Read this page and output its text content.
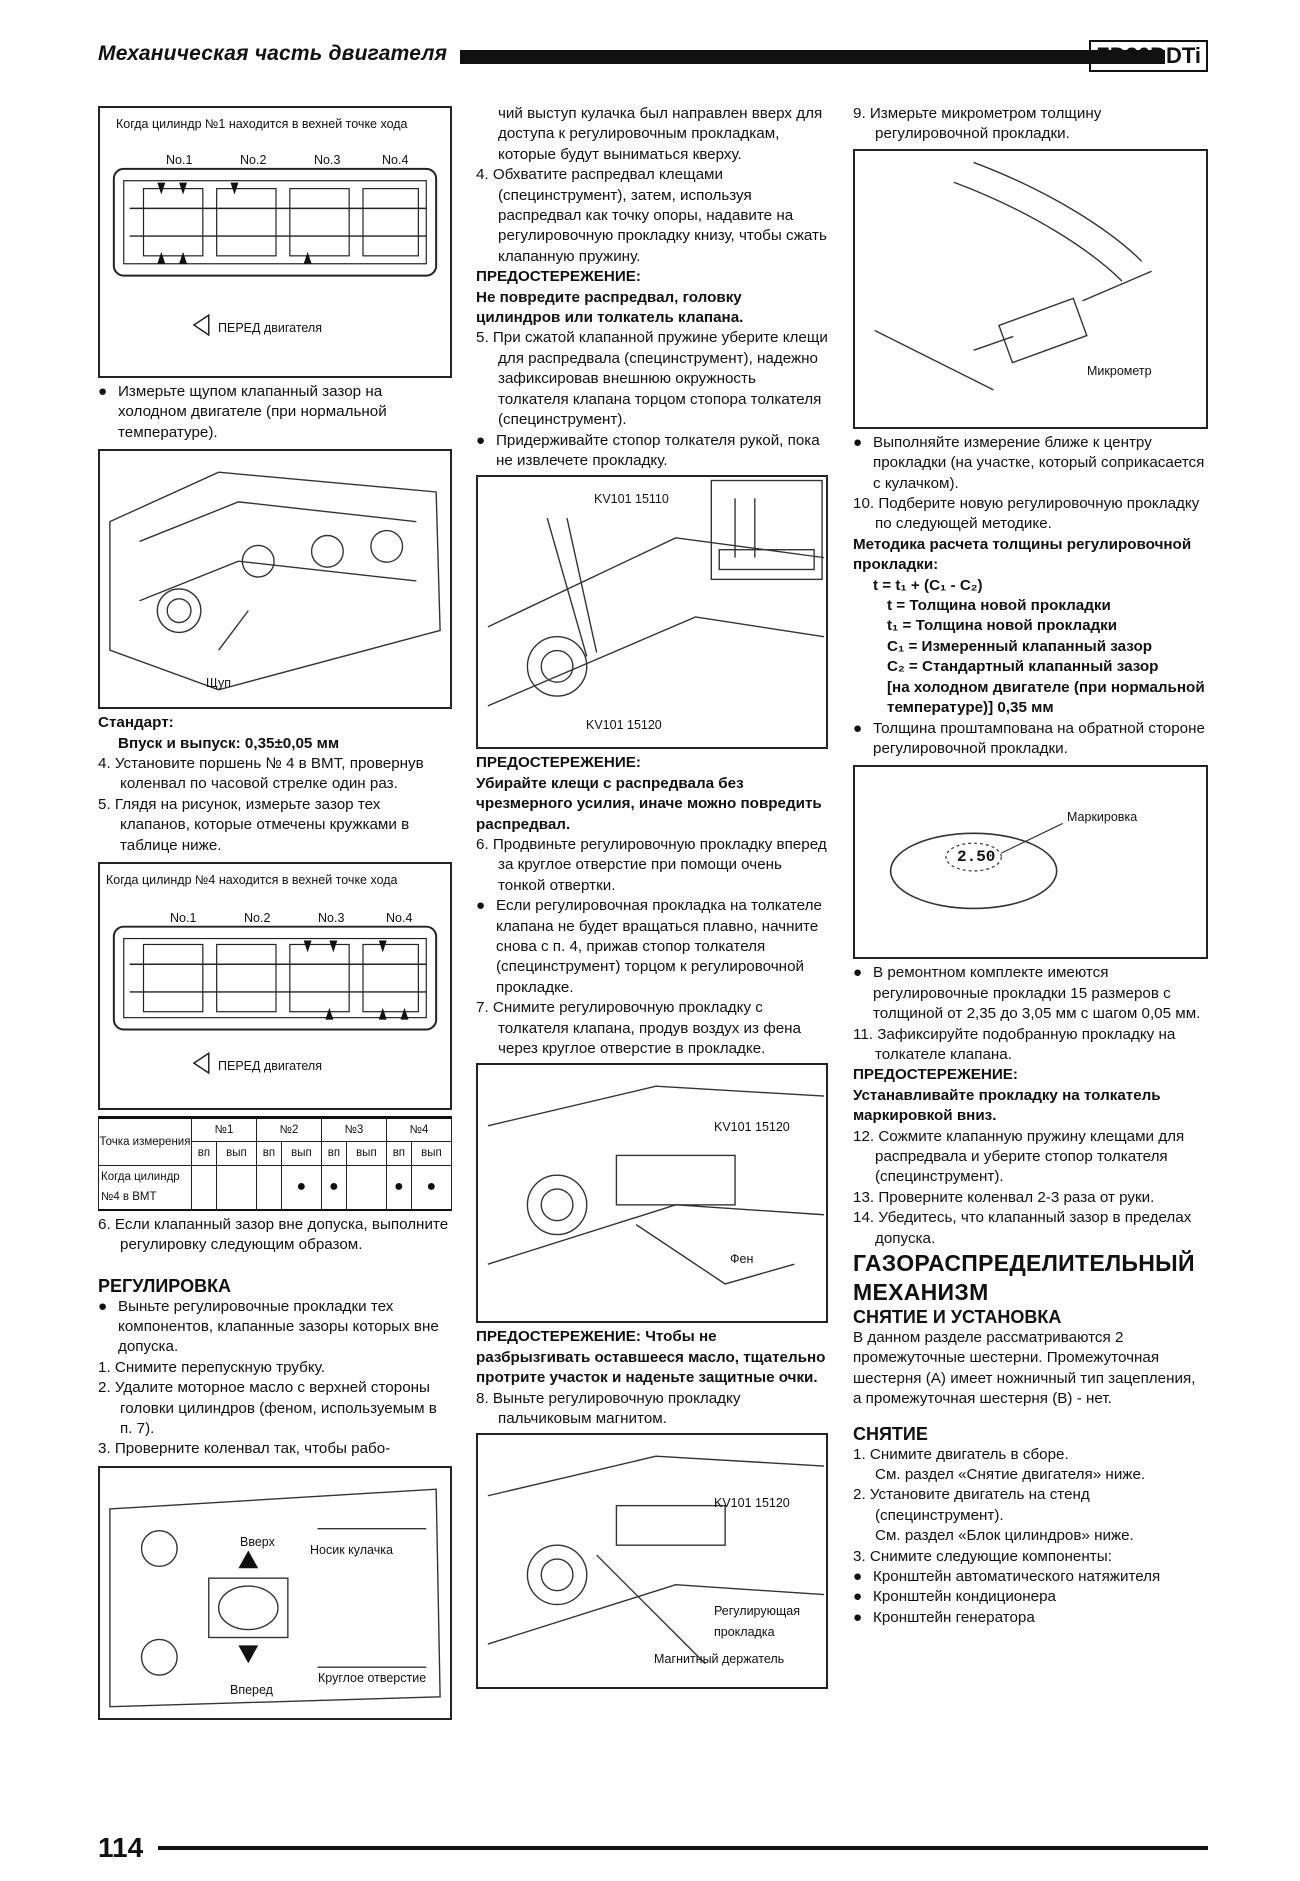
Механическая часть двигателя	ZD30DDTi
Когда цилиндр №1 находится в вехней точке хода
No.1	No.2	No.3	No.4
ПЕРЕД двигателя

● Измерьте щупом клапанный зазор на холодном двигателе (при нормальной температуре).

Щуп

Стандарт:

Впуск и выпуск: 0,35±0,05 мм

4. Установите поршень № 4 в ВМТ, провернув коленвал по часовой стрелке один раз.

5. Глядя на рисунок, измерьте зазор тех клапанов, которые отмечены кружками в таблице ниже.

Когда цилиндр №4 находится в вехней точке хода
No.1	No.2	No.3	No.4
ПЕРЕД двигателя
Точка измерения	№1		№2		№3		№4	
	вп	вып	вп	вып	вп	вып	вп	вып
Когда цилиндр №4 в ВМТ				●	●		●	●

6. Если клапанный зазор вне допуска, выполните регулировку следующим образом.

РЕГУЛИРОВКА

● Выньте регулировочные прокладки тех компонентов, клапанные зазоры которых вне допуска.

1. Снимите перепускную трубку.

2. Удалите моторное масло с верхней стороны головки цилиндров (феном, используемым в п. 7).

3. Проверните коленвал так, чтобы рабо-

Вверх
Носик кулачка
Вперед
Круглое отверстие

чий выступ кулачка был направлен вверх для доступа к регулировочным прокладкам, которые будут выниматься кверху.

4. Обхватите распредвал клещами (специнструмент), затем, используя распредвал как точку опоры, надавите на регулировочную прокладку книзу, чтобы сжать клапанную пружину.

ПРЕДОСТЕРЕЖЕНИЕ:

Не повредите распредвал, головку цилиндров или толкатель клапана.

5. При сжатой клапанной пружине уберите клещи для распредвала (специнструмент), надежно зафиксировав внешнюю окружность толкателя клапана торцом стопора толкателя (специнструмент).

● Придерживайте стопор толкателя рукой, пока не извлечете прокладку.

KV101 15110
KV101 15120

ПРЕДОСТЕРЕЖЕНИЕ:

Убирайте клещи с распредвала без чрезмерного усилия, иначе можно повредить распредвал.

6. Продвиньте регулировочную прокладку вперед за круглое отверстие при помощи очень тонкой отвертки.

● Если регулировочная прокладка на толкателе клапана не будет вращаться плавно, начните снова с п. 4, прижав стопор толкателя (специнструмент) торцом к регулировочной прокладке.

7. Снимите регулировочную прокладку с толкателя клапана, продув воздух из фена через круглое отверстие в прокладке.

KV101 15120
Фен

ПРЕДОСТЕРЕЖЕНИЕ: Чтобы не разбрызгивать оставшееся масло, тщательно протрите участок и наденьте защитные очки.

8. Выньте регулировочную прокладку пальчиковым магнитом.

KV101 15120
Регулирующая прокладка
Магнитный держатель

9. Измерьте микрометром толщину регулировочной прокладки.

Микрометр

● Выполняйте измерение ближе к центру прокладки (на участке, который соприкасается с кулачком).

10. Подберите новую регулировочную прокладку по следующей методике.

Методика расчета толщины регулировочной прокладки:

t = t₁ + (C₁ - C₂)

t = Толщина новой прокладки

t₁ = Толщина новой прокладки

C₁ = Измеренный клапанный зазор

C₂ = Стандартный клапанный зазор

[на холодном двигателе (при нормальной температуре)] 0,35 мм

● Толщина проштампована на обратной стороне регулировочной прокладки.

2.50
Маркировка

● В ремонтном комплекте имеются регулировочные прокладки 15 размеров с толщиной от 2,35 до 3,05 мм с шагом 0,05 мм.

11. Зафиксируйте подобранную прокладку на толкателе клапана.

ПРЕДОСТЕРЕЖЕНИЕ:

Устанавливайте прокладку на толкатель маркировкой вниз.

12. Сожмите клапанную пружину клещами для распредвала и уберите стопор толкателя (специнструмент).

13. Проверните коленвал 2-3 раза от руки.

14. Убедитесь, что клапанный зазор в пределах допуска.

ГАЗОРАСПРЕДЕЛИТЕЛЬНЫЙ МЕХАНИЗМ

СНЯТИЕ И УСТАНОВКА

В данном разделе рассматриваются 2 промежуточные шестерни. Промежуточная шестерня (А) имеет ножничный тип зацепления, а промежуточная шестерня (В) - нет.

СНЯТИЕ

1. Снимите двигатель в сборе.

См. раздел «Снятие двигателя» ниже.

2. Установите двигатель на стенд (специнструмент).

См. раздел «Блок цилиндров» ниже.

3. Снимите следующие компоненты:

● Кронштейн автоматического натяжителя

● Кронштейн кондиционера

● Кронштейн генератора

114
